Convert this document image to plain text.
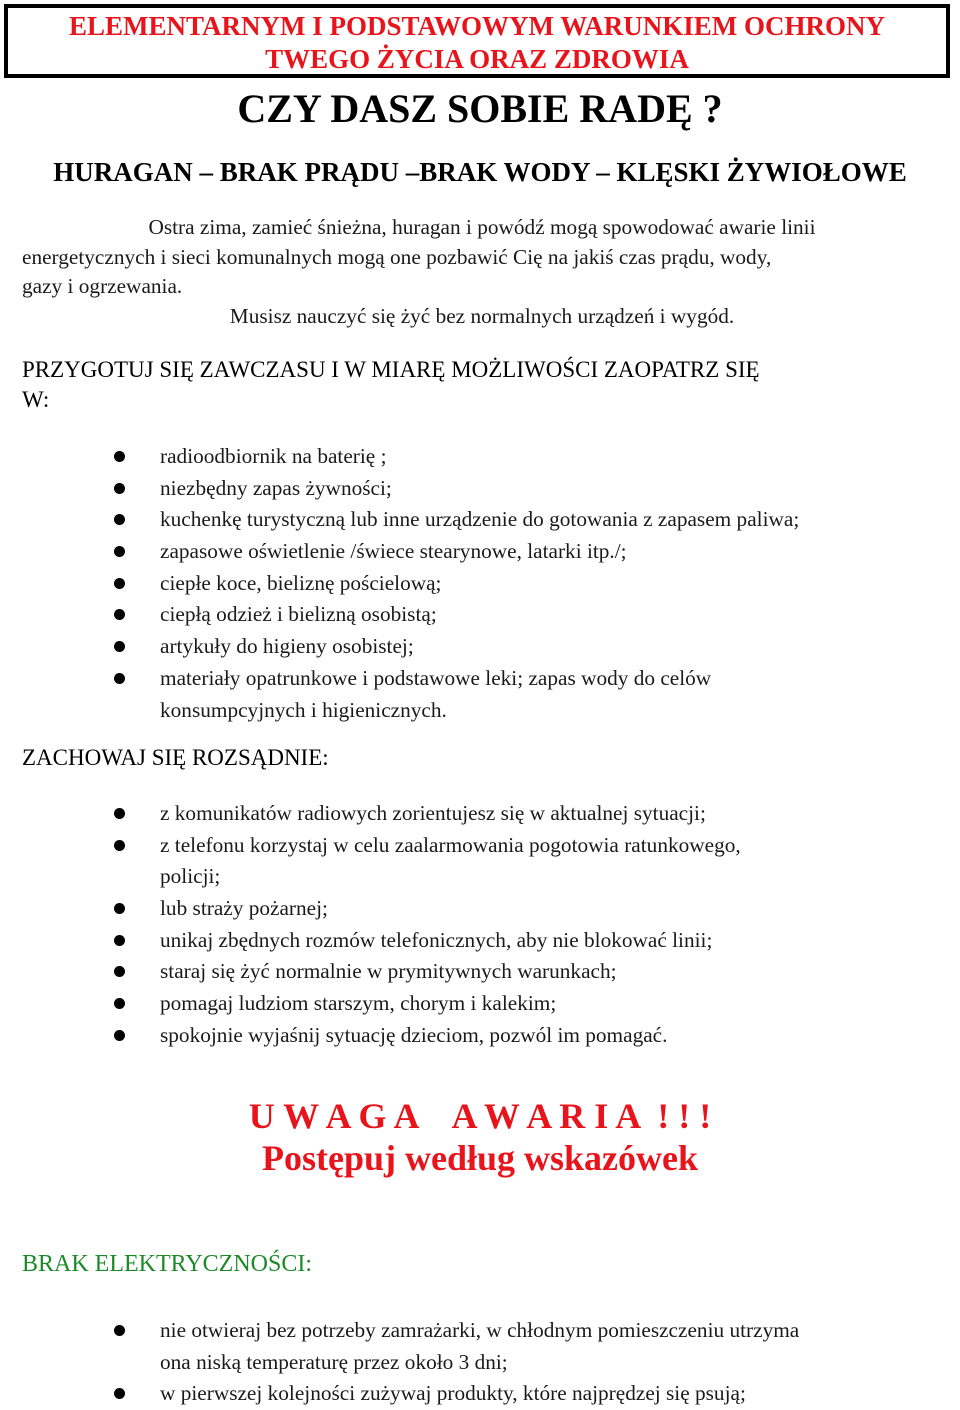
ELEMENTARNYM I PODSTAWOWYM WARUNKIEM OCHRONY
TWEGO ŻYCIA ORAZ ZDROWIA
CZY DASZ SOBIE RADĘ ?
HURAGAN – BRAK PRĄDU –BRAK WODY – KLĘSKI ŻYWIOŁOWE
Ostra zima, zamieć śnieżna, huragan i powódź mogą spowodować awarie linii
energetycznych i sieci komunalnych mogą one pozbawić Cię na jakiś czas prądu, wody,
gazy i ogrzewania.
Musisz nauczyć się żyć bez normalnych urządzeń i wygód.
PRZYGOTUJ SIĘ ZAWCZASU I W MIARĘ MOŻLIWOŚCI ZAOPATRZ SIĘ
W:
radioodbiornik na baterię ;
niezbędny zapas żywności;
kuchenkę turystyczną lub inne urządzenie do gotowania z zapasem paliwa;
zapasowe oświetlenie /świece stearynowe, latarki itp./;
ciepłe koce, bieliznę pościelową;
ciepłą odzież i bielizną osobistą;
artykuły do higieny osobistej;
materiały opatrunkowe i podstawowe leki; zapas wody do celów
konsumpcyjnych i higienicznych.
ZACHOWAJ SIĘ ROZSĄDNIE:
z komunikatów radiowych zorientujesz się w aktualnej sytuacji;
z telefonu korzystaj w celu zaalarmowania pogotowia ratunkowego,
policji;
lub straży pożarnej;
unikaj zbędnych rozmów telefonicznych, aby nie blokować linii;
staraj się żyć normalnie w prymitywnych warunkach;
pomagaj ludziom starszym, chorym i kalekim;
spokojnie wyjaśnij sytuację dzieciom, pozwól im pomagać.
U W A G A    A W A R I A  ! ! !
Postępuj według wskazówek
BRAK ELEKTRYCZNOŚCI:
nie otwieraj bez potrzeby zamrażarki, w chłodnym pomieszczeniu utrzyma
ona niską temperaturę przez około 3 dni;
w pierwszej kolejności zużywaj produkty, które najprędzej się psują;
